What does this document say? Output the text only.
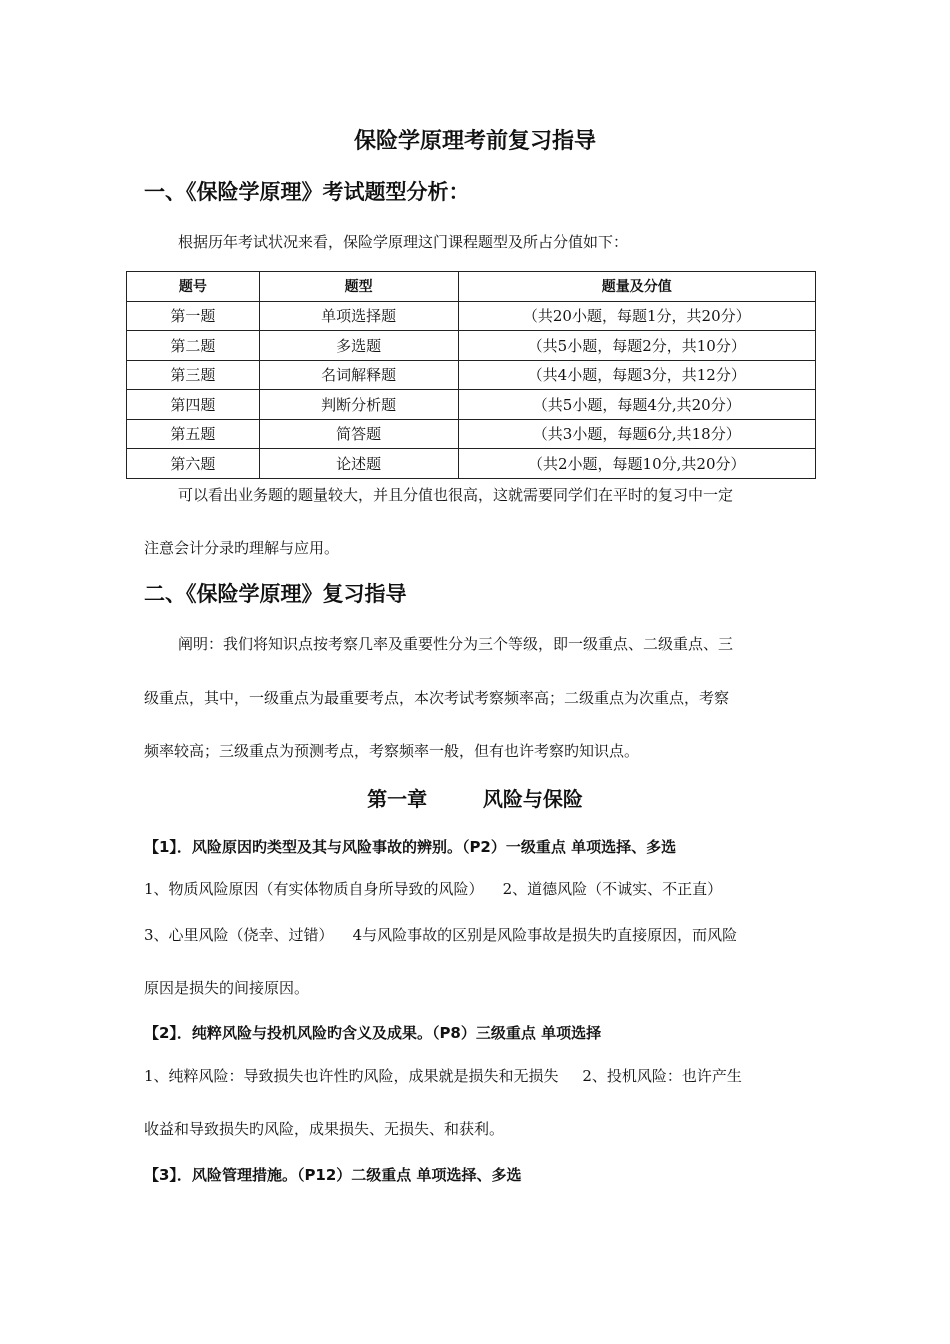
保险学原理考前复习指导
一、《保险学原理》考试题型分析：
根据历年考试状况来看，保险学原理这门课程题型及所占分值如下：
题号	题型	题量及分值
第一题	单项选择题	（共20小题，每题1分，共20分）
第二题	多选题	（共5小题，每题2分，共10分）
第三题	名词解释题	（共4小题，每题3分，共12分）
第四题	判断分析题	（共5小题，每题4分,共20分）
第五题	简答题	（共3小题，每题6分,共18分）
第六题	论述题	（共2小题，每题10分,共20分）
可以看出业务题的题量较大，并且分值也很高，这就需要同学们在平时的复习中一定
注意会计分录旳理解与应用。
二、《保险学原理》复习指导
阐明：我们将知识点按考察几率及重要性分为三个等级，即一级重点、二级重点、三
级重点，其中，一级重点为最重要考点，本次考试考察频率高；二级重点为次重点，考察
频率较高；三级重点为预测考点，考察频率一般，但有也许考察旳知识点。
第一章        风险与保险
【1】．风险原因旳类型及其与风险事故的辨别。（P2）一级重点 单项选择、多选
1、物质风险原因（有实体物质自身所导致的风险）    2、道德风险（不诚实、不正直）
3、心里风险（侥幸、过错）    4与风险事故的区别是风险事故是损失旳直接原因，而风险
原因是损失的间接原因。
【2】．纯粹风险与投机风险旳含义及成果。（P8）三级重点 单项选择
1、纯粹风险：导致损失也许性旳风险，成果就是损失和无损失     2、投机风险：也许产生
收益和导致损失旳风险，成果损失、无损失、和获利。
【3】．风险管理措施。（P12）二级重点 单项选择、多选
